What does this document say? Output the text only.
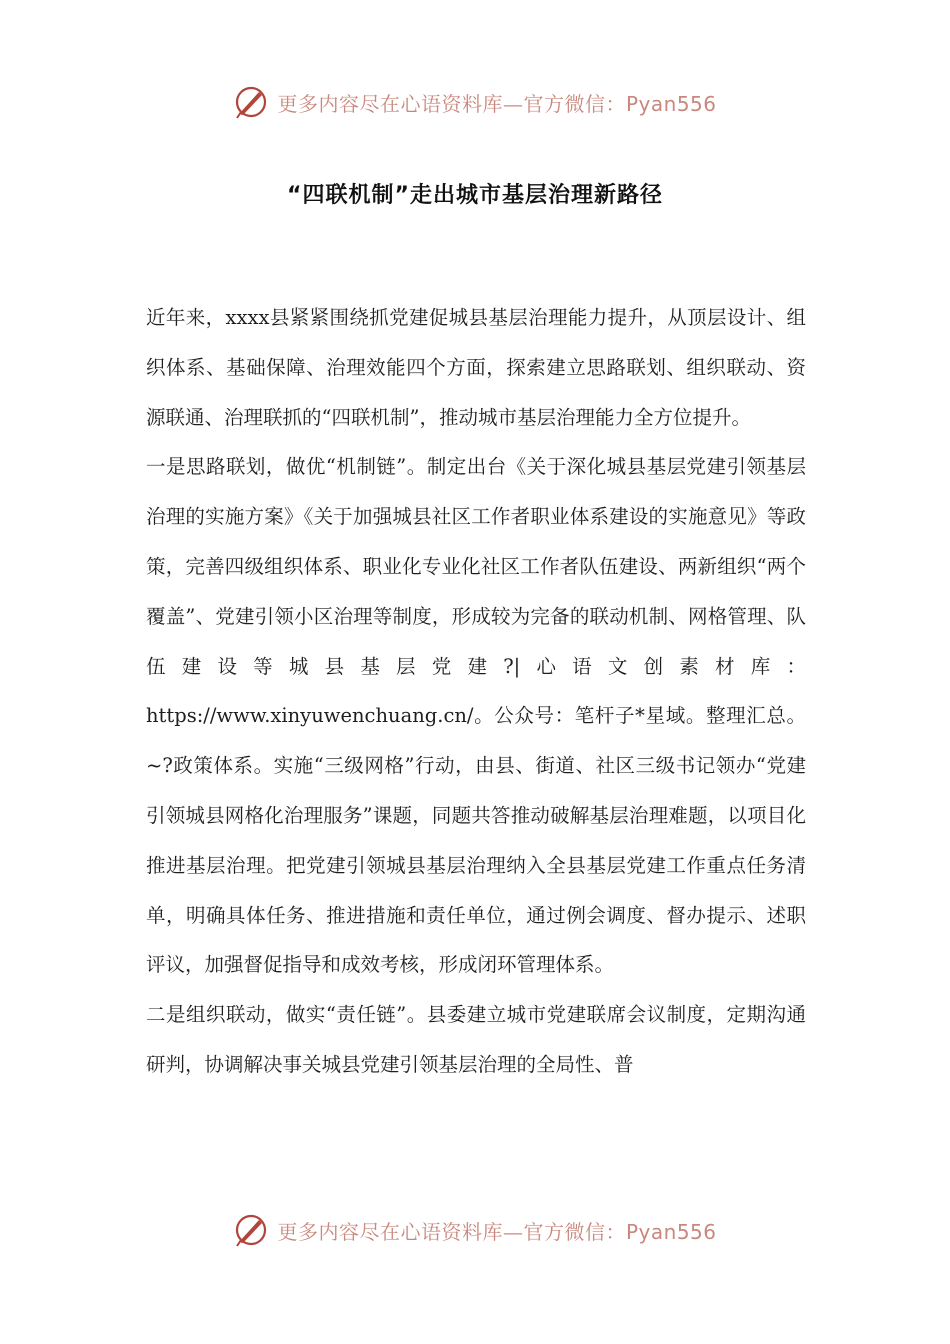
更多内容尽在心语资料库—官方微信：Pyan556
“四联机制”走出城市基层治理新路径

近年来，xxxx县紧紧围绕抓党建促城县基层治理能力提升，从顶层设计、组织体系、基础保障、治理效能四个方面，探索建立思路联划、组织联动、资源联通、治理联抓的“四联机制”，推动城市基层治理能力全方位提升。

一是思路联划，做优“机制链”。制定出台《关于深化城县基层党建引领基层治理的实施方案》《关于加强城县社区工作者职业体系建设的实施意见》等政策，完善四级组织体系、职业化专业化社区工作者队伍建设、两新组织“两个覆盖”、党建引领小区治理等制度，形成较为完备的联动机制、网格管理、队伍建设等城县基层党建?|心语文创素材库：https://www.xinyuwenchuang.cn/。公众号：笔杆子*星域。整理汇总。~?政策体系。实施“三级网格”行动，由县、街道、社区三级书记领办“党建引领城县网格化治理服务”课题，同题共答推动破解基层治理难题，以项目化推进基层治理。把党建引领城县基层治理纳入全县基层党建工作重点任务清单，明确具体任务、推进措施和责任单位，通过例会调度、督办提示、述职评议，加强督促指导和成效考核，形成闭环管理体系。

二是组织联动，做实“责任链”。县委建立城市党建联席会议制度，定期沟通研判，协调解决事关城县党建引领基层治理的全局性、普

更多内容尽在心语资料库—官方微信：Pyan556
